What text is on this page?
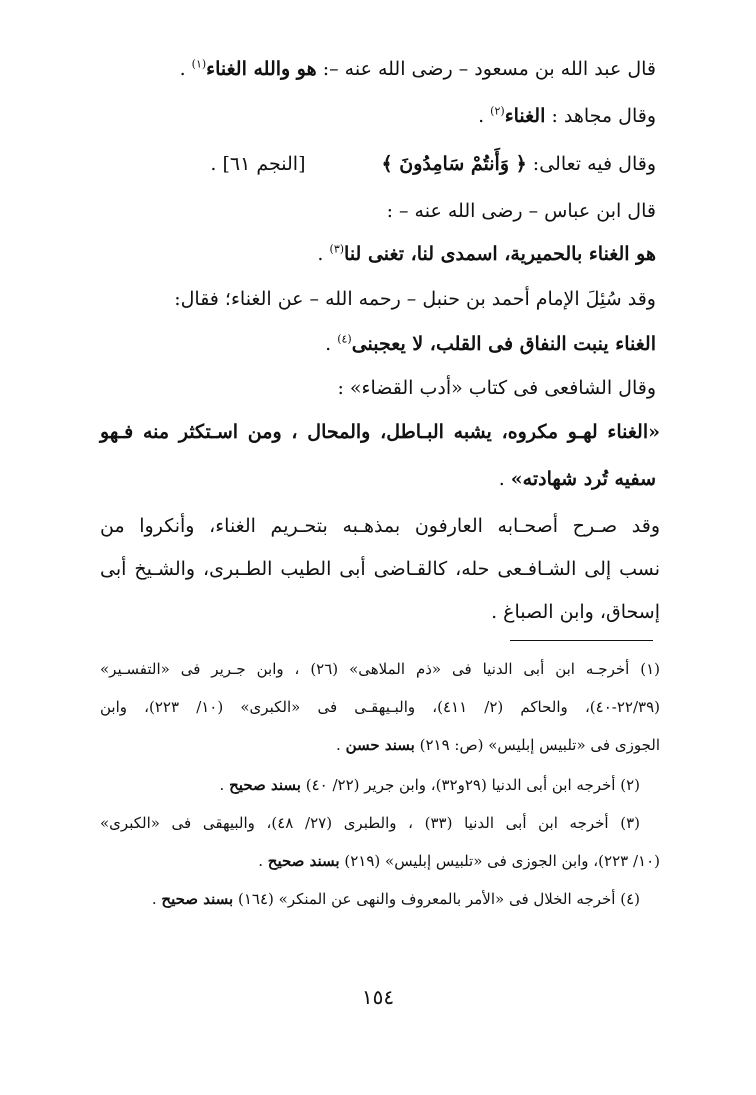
قال عبد الله بن مسعود – رضى الله عنه –: هو والله الغناء$^{(١)}$ .
وقال مجاهد : الغناء$^{(٢)}$ .
وقال فيه تعالى: ﴿ وَأَنتُمْ سَامِدُونَ ﴾ [النجم ٦١] .
قال ابن عباس – رضى الله عنه – :
هو الغناء بالحميرية، اسمدى لنا، تغنى لنا$^{(٣)}$ .
وقد سُئِلَ الإمام أحمد بن حنبل – رحمه الله – عن الغناء؛ فقال:
الغناء ينبت النفاق فى القلب، لا يعجبنى$^{(٤)}$ .
وقال الشافعى فى كتاب «أدب القضاء» :
«الغناء لهـو مكروه، يشبه البـاطل، والمحال ، ومن اسـتكثر منه فـهو
سفيه تُرد شهادته» .
وقد صـرح أصحـابه العارفون بمذهـبه بتحـريم الغناء، وأنكروا من
نسب إلى الشـافـعى حله، كالقـاضى أبى الطيب الطـبرى، والشـيخ أبى
إسحاق، وابن الصباغ .
(١) أخرجـه ابن أبى الدنيا فى «ذم الملاهى» (٢٦) ، وابن جـرير فى «التفسـير»
(٢٢/٣٩-٤٠)، والحاكم (٢/ ٤١١)، والبـيهقـى فى «الكبرى» (١٠/ ٢٢٣)، وابن
الجوزى فى «تلبيس إبليس» (ص: ٢١٩) بسند حسن .
(٢) أخرجه ابن أبى الدنيا (٢٩و٣٢)، وابن جرير (٢٢/ ٤٠) بسند صحيح .
(٣) أخرجه ابن أبى الدنيا (٣٣) ، والطبرى (٢٧/ ٤٨)، والبيهقى فى «الكبرى»
(١٠/ ٢٢٣)، وابن الجوزى فى «تلبيس إبليس» (٢١٩) بسند صحيح .
(٤) أخرجه الخلال فى «الأمر بالمعروف والنهى عن المنكر» (١٦٤) بسند صحيح .
١٥٤
